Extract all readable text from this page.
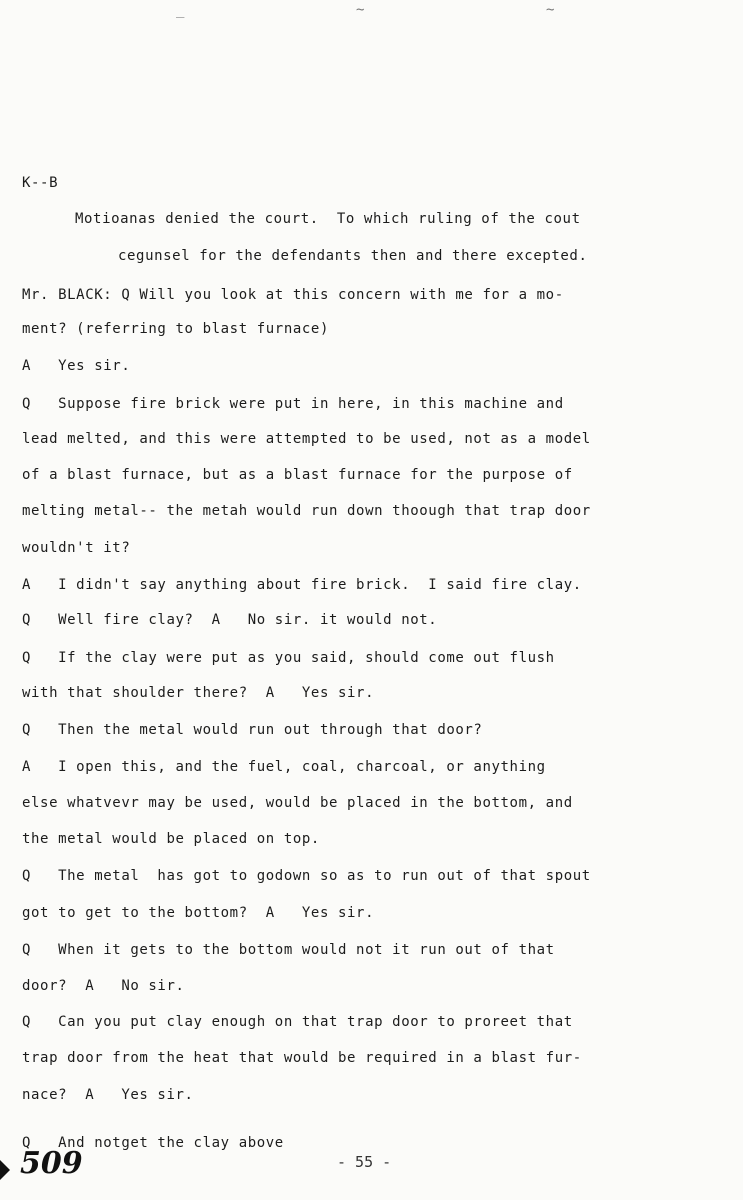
_	~	~
K--B
Motioanas denied the court.  To which ruling of the cout
cegunsel for the defendants then and there excepted.
Mr. BLACK: Q Will you look at this concern with me for a mo-
ment? (referring to blast furnace)
A   Yes sir.
Q   Suppose fire brick were put in here, in this machine and
lead melted, and this were attempted to be used, not as a model
of a blast furnace, but as a blast furnace for the purpose of
melting metal-- the metah would run down thoough that trap door
wouldn't it?
A   I didn't say anything about fire brick.  I said fire clay.
Q   Well fire clay?  A   No sir. it would not.
Q   If the clay were put as you said, should come out flush
with that shoulder there?  A   Yes sir.
Q   Then the metal would run out through that door?
A   I open this, and the fuel, coal, charcoal, or anything
else whatvevr may be used, would be placed in the bottom, and
the metal would be placed on top.
Q   The metal  has got to godown so as to run out of that spout
got to get to the bottom?  A   Yes sir.
Q   When it gets to the bottom would not it run out of that
door?  A   No sir.
Q   Can you put clay enough on that trap door to proreet that
trap door from the heat that would be required in a blast fur-
nace?  A   Yes sir.
Q   And notget the clay above
509	- 55 -
